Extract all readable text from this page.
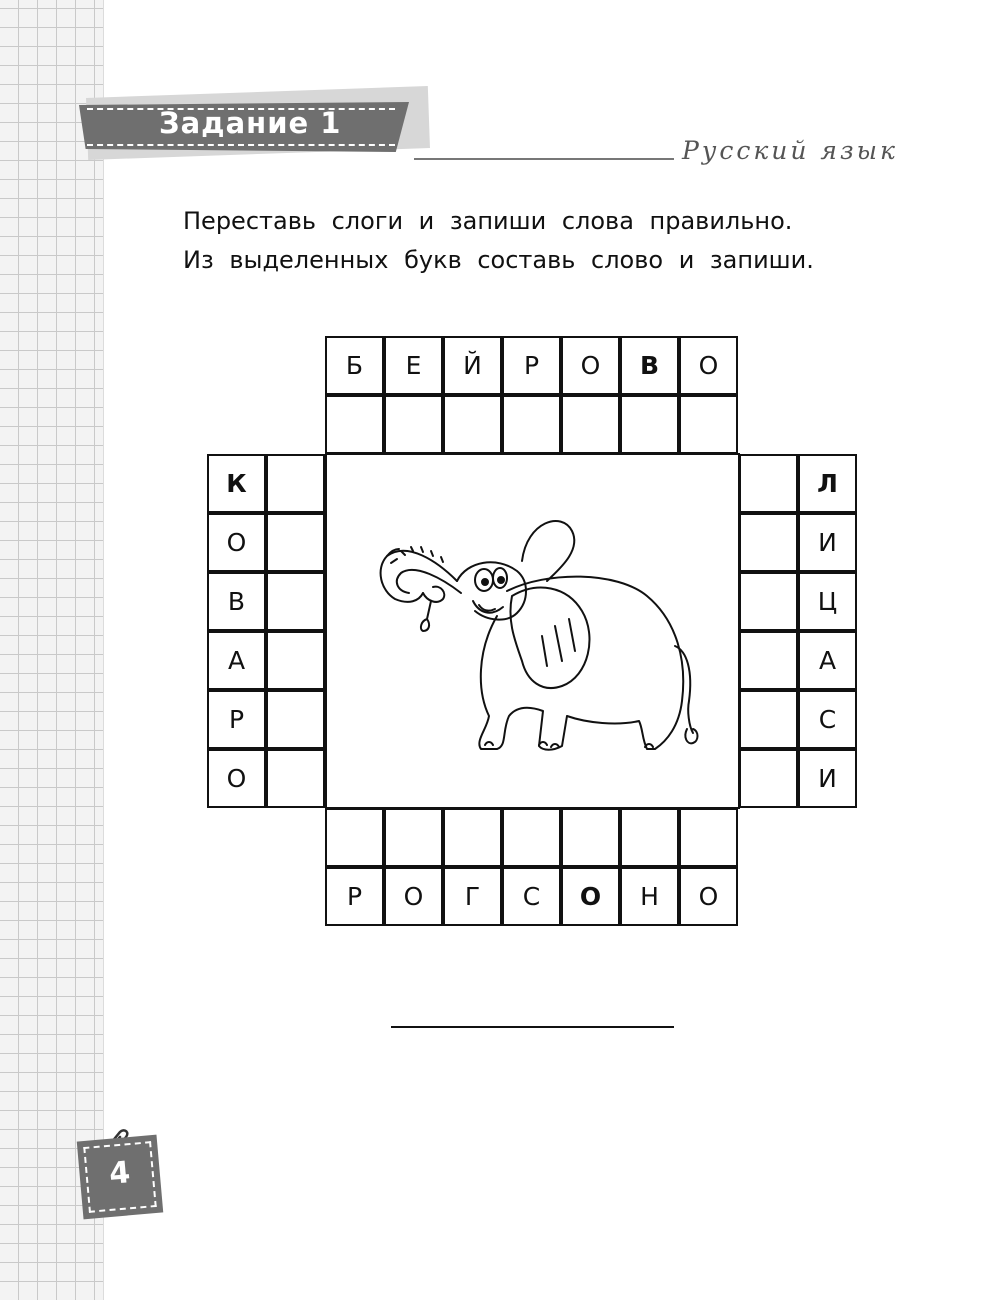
Задание 1
Русский язык
Переставь слоги и запиши слова правильно.
Из выделенных букв составь слово и запиши.
Б	Е	Й	Р	О	В	О
Р	О	Г	С	О	Н	О
К
О
В
А
Р
О
Л
И
Ц
А
С
И
4
